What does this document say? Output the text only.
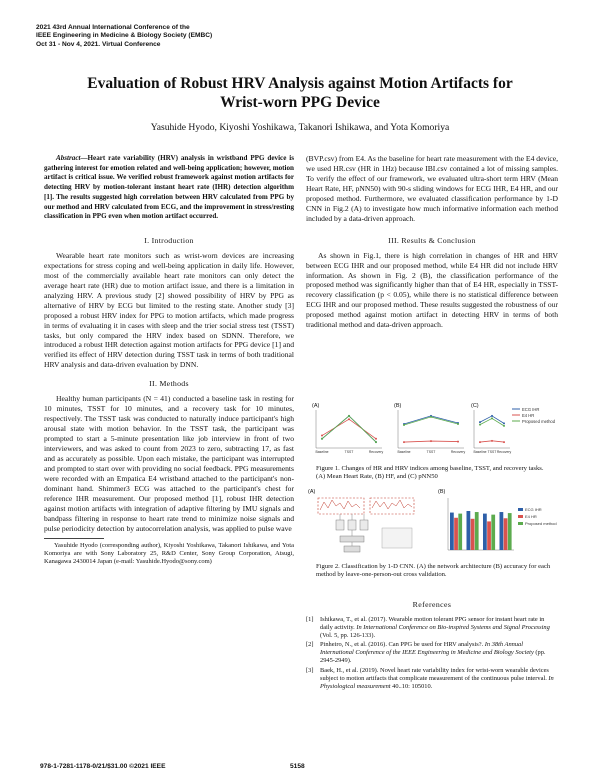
2021 43rd Annual International Conference of the
IEEE Engineering in Medicine & Biology Society (EMBC)
Oct 31 - Nov 4, 2021. Virtual Conference
Evaluation of Robust HRV Analysis against Motion Artifacts for
Wrist-worn PPG Device
Yasuhide Hyodo, Kiyoshi Yoshikawa, Takanori Ishikawa, and Yota Komoriya

Abstract—Heart rate variability (HRV) analysis in wristband PPG device is gathering interest for emotion related and well-being application; however, motion artifact is critical issue. We verified robust framework against motion artifacts for detecting HRV by motion-tolerant instant heart rate (IHR) detection algorithm [1]. The results suggested high correlation between HRV calculated from PPG by our method and HRV calculated from ECG, and the improvement in stress/resting classification in PPG even when motion artifact occurred.

I. Introduction

Wearable heart rate monitors such as wrist-worn devices are increasing expectations for stress coping and well-being application in daily life. However, most of the commercially available heart rate monitors can only detect the average heart rate (HR) due to motion artifact issue, and there is a limitation in analyzing HRV. A previous study [2] showed possibility of HRV by PPG as alternative of HRV by ECG but limited to the resting state. Another study [3] proposed a robust HRV index for PPG to motion artifacts, which made progress in terms of evaluating it in cases with sleep and the trier social stress test (TSST) tasks, but only compared the HRV index based on SDNN. Therefore, we introduced a robust IHR detection against motion artifacts for PPG device [1] and verified its effect of HRV detection during TSST task in terms of both traditional HRV analysis and data-driven evaluation by DNN.

II. Methods

Healthy human participants (N = 41) conducted a baseline task in resting for 10 minutes, TSST for 10 minutes, and a recovery task for 10 minutes, respectively. The TSST task was conducted to naturally induce participant's high arousal state with motion behavior. In the TSST task, the participant was prompted to start a 5-minute presentation like job interview in front of two interviewers, and was asked to count from 2023 to zero, subtracting 17, as fast and as accurately as possible. Upon each mistake, the participant was interrupted and prompted to start over with providing no social feedback. PPG measurements were recorded with an Empatica E4 wristband attached to the participant's non-dominant hand. Shimmer3 ECG was attached to the participant's chest for reference IHR measurement. Our proposed method [1], robust IHR detection against motion artifacts with integration of adaptive filtering by IMU signals and bandpass filtering in response to heart rate trend to minimize noise signals and pulse periodicity detection by autocorrelation analysis, was applied to pulse wave

Yasuhide Hyodo (corresponding author), Kiyoshi Yoshikawa, Takanori Ishikawa, and Yota Komoriya are with Sony Laboratory 25, R&D Center, Sony Group Corporation, Atsugi, Kanagawa 2430014 Japan (e-mail: Yasuhide.Hyodo@sony.com)

(BVP.csv) from E4. As the baseline for heart rate measurement with the E4 device, we used HR.csv (HR in 1Hz) because IBI.csv contained a lot of missing samples. To verify the effect of our framework, we evaluated ultra-short term HRV (Mean Heart Rate, HF, pNN50) with 90-s sliding windows for ECG IHR, E4 HR, and our proposed method. Furthermore, we evaluated classification performance by 1-D CNN in Fig.2 (A) to investigate how much informative information each method included by a data-driven approach.

III. Results & Conclusion

As shown in Fig.1, there is high correlation in changes of HR and HRV between ECG IHR and our proposed method, while E4 HR did not include HRV information. As shown in Fig. 2 (B), the classification performance of the proposed method was significantly higher than that of E4 HR, especially in TSST-recovery classification (p < 0.05), while there is no statistical difference between ECG IHR and our proposed method. These results suggested the robustness of our proposed method against motion artifact in detecting HRV in terms of both traditional method and data-driven approach.

(A)	(B)	(C)
Baseline	TSST	Recovery	Baseline	TSST	Recovery Baseline TSST Recovery
ECG IHR
E4 HR
Proposed method
Figure 1. Changes of HR and HRV indices among baseline, TSST, and recovery tasks. (A) Mean Heart Rate, (B) HF, and (C) pNN50
(A)	(B)
ECG IHR
E4 HR
Proposed method
Figure 2. Classification by 1-D CNN. (A) the network architecture (B) accuracy for each method by leave-one-person-out cross validation.
References
[1]	Ishikawa, T., et al. (2017). Wearable motion tolerant PPG sensor for instant heart rate in daily activity. In International Conference on Bio-inspired Systems and Signal Processing (Vol. 5, pp. 126-133).
[2]	Pinheiro, N., et al. (2016). Can PPG be used for HRV analysis?. In 38th Annual International Conference of the IEEE Engineering in Medicine and Biology Society (pp. 2945-2949).
[3]	Baek, H., et al. (2019). Novel heart rate variability index for wrist-worn wearable devices subject to motion artifacts that complicate measurement of the continuous pulse interval. In Physiological measurement 40..10: 105010.
978-1-7281-1178-0/21/$31.00 ©2021 IEEE	5158
